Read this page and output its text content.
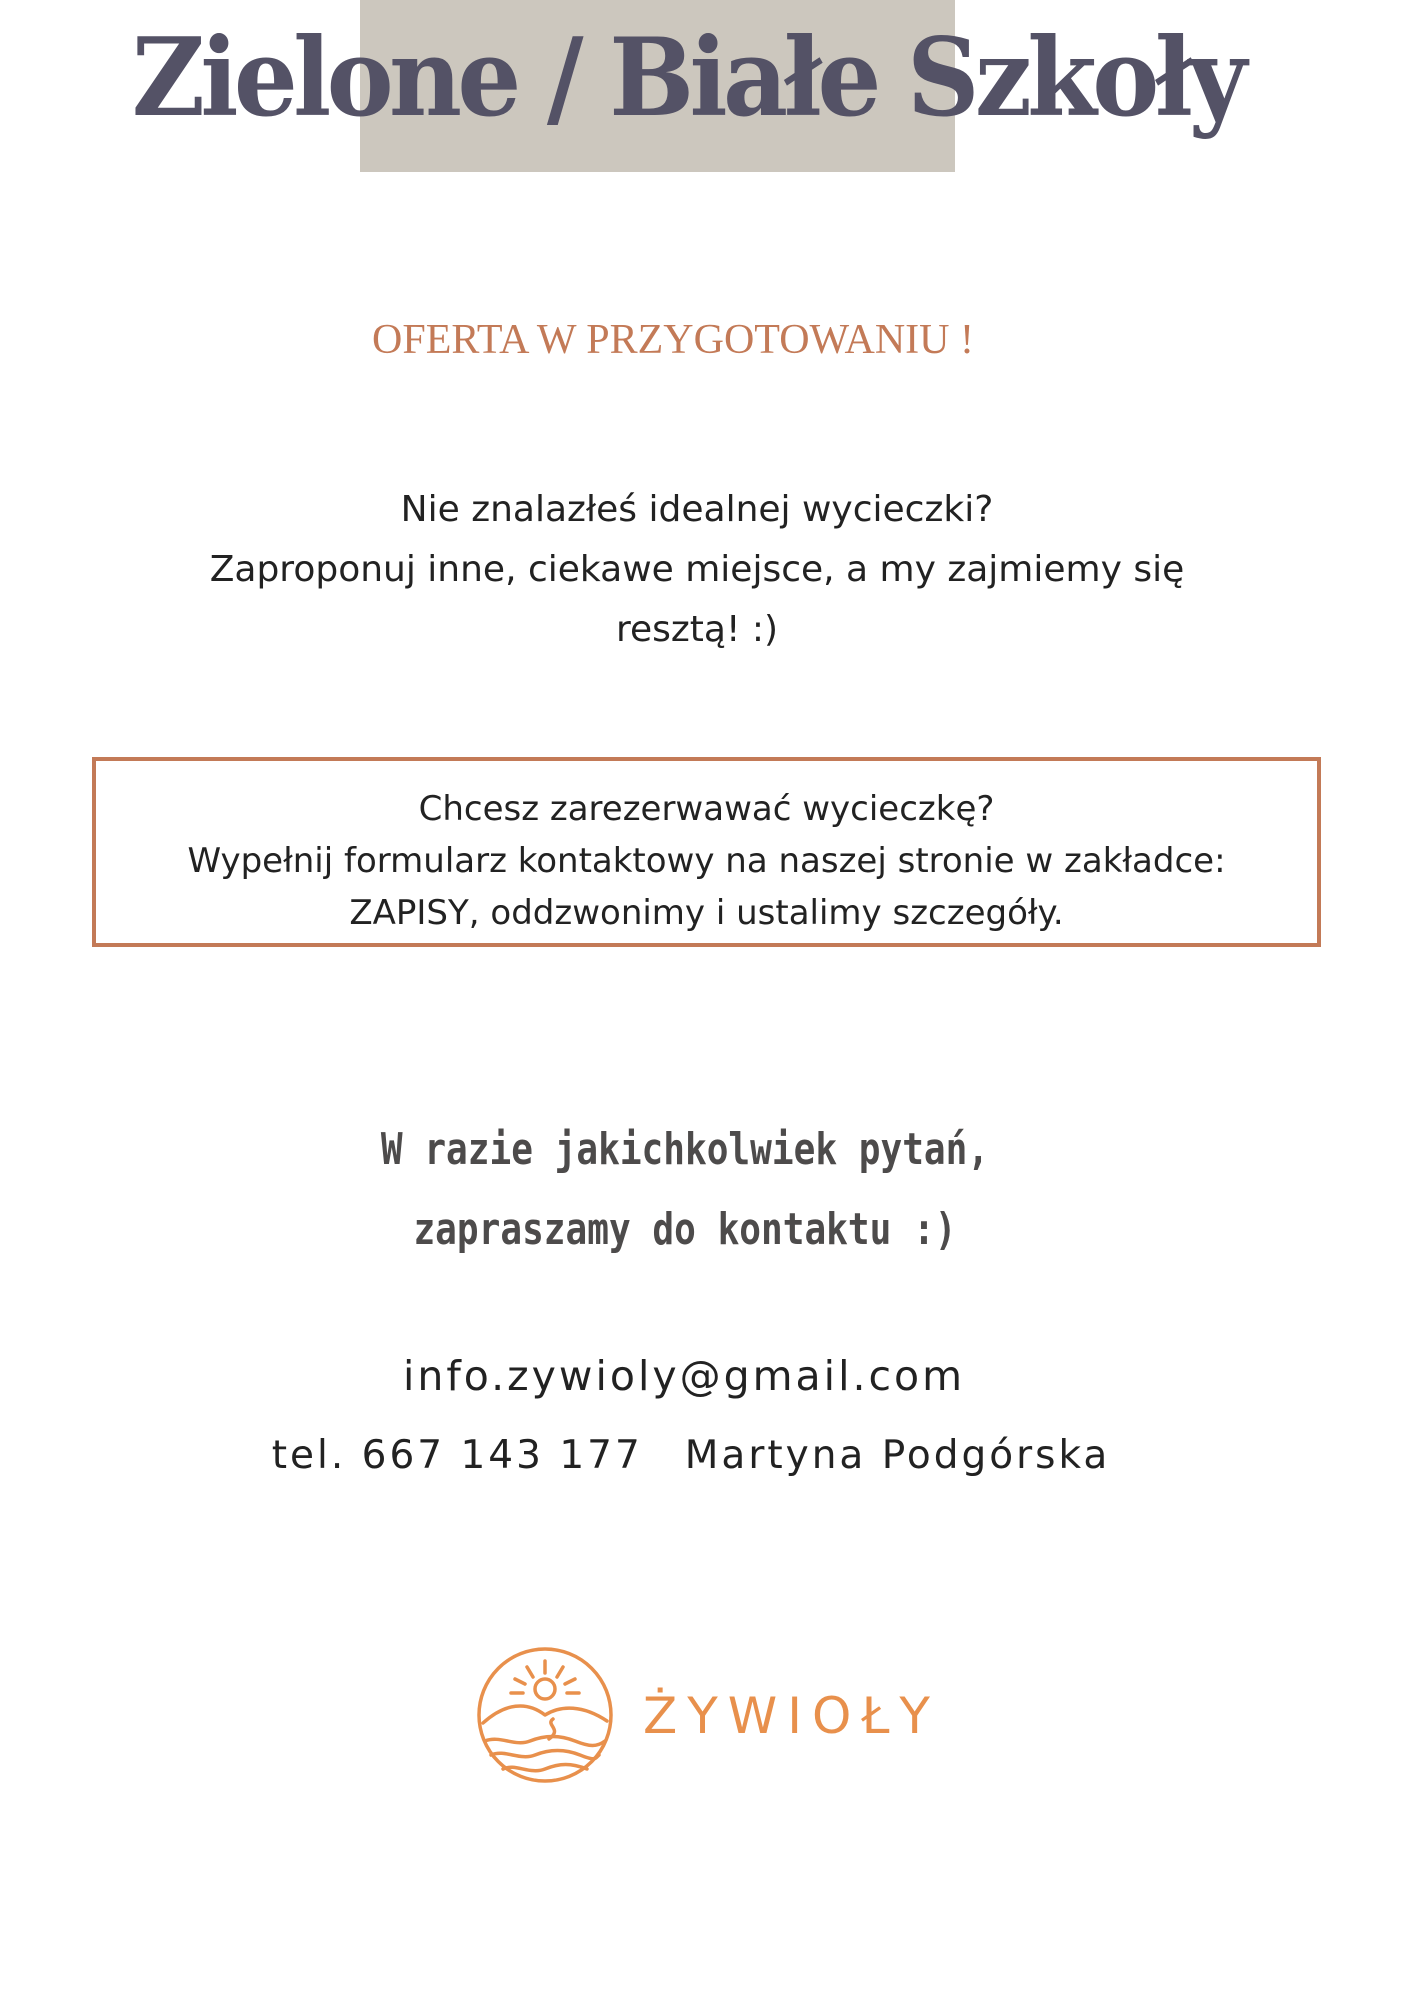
Zielone / Białe Szkoły
OFERTA W PRZYGOTOWANIU !

Nie znalazłeś idealnej wycieczki?

Zaproponuj inne, ciekawe miejsce, a my zajmiemy się

resztą! :)

Chcesz zarezerwawać wycieczkę?

Wypełnij formularz kontaktowy na naszej stronie w zakładce:

ZAPISY, oddzwonimy i ustalimy szczegóły.

W razie jakichkolwiek pytań,

zapraszamy do kontaktu :)

info.zywioly@gmail.com
tel. 667 143 177 Martyna Podgórska
ŻYWIOŁY
